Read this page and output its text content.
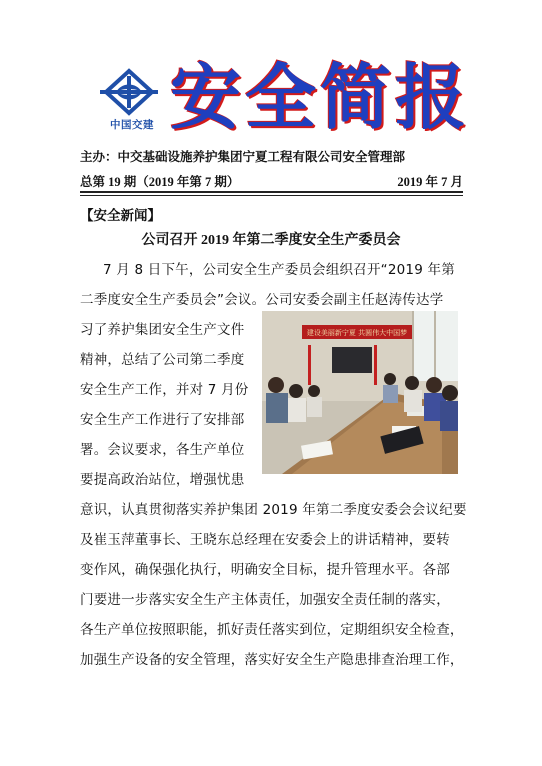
中国交建 安全简报
主办：中交基础设施养护集团宁夏工程有限公司安全管理部
总第 19 期（2019 年第 7 期）	2019 年 7 月
【安全新闻】
公司召开 2019 年第二季度安全生产委员会
7 月 8 日下午，公司安全生产委员会组织召开“2019 年第
二季度安全生产委员会”会议。公司安委会副主任赵涛传达学
习了养护集团安全生产文件
精神，总结了公司第二季度
安全生产工作，并对 7 月份
安全生产工作进行了安排部
署。会议要求，各生产单位
要提高政治站位，增强忧患
意识，认真贯彻落实养护集团 2019 年第二季度安委会会议纪要
及崔玉萍董事长、王晓东总经理在安委会上的讲话精神，要转
变作风，确保强化执行，明确安全目标，提升管理水平。各部
门要进一步落实安全生产主体责任，加强安全责任制的落实，
各生产单位按照职能，抓好责任落实到位，定期组织安全检查，
加强生产设备的安全管理，落实好安全生产隐患排查治理工作，
建设美丽新宁夏 共圆伟大中国梦
